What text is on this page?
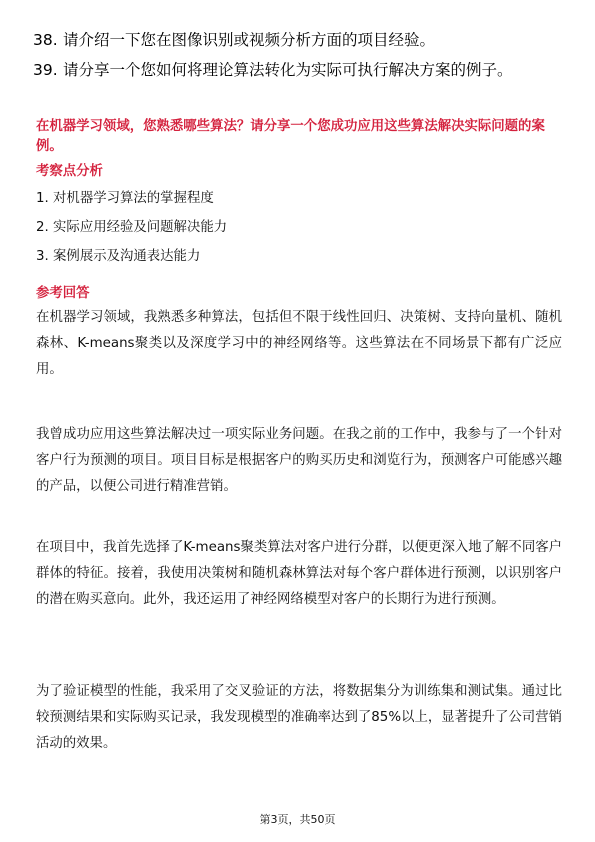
38. 请介绍一下您在图像识别或视频分析方面的项目经验。
39. 请分享一个您如何将理论算法转化为实际可执行解决方案的例子。
在机器学习领域，您熟悉哪些算法？请分享一个您成功应用这些算法解决实际问题的案例。
考察点分析
1. 对机器学习算法的掌握程度
2. 实际应用经验及问题解决能力
3. 案例展示及沟通表达能力
参考回答
在机器学习领域，我熟悉多种算法，包括但不限于线性回归、决策树、支持向量机、随机森林、K-means聚类以及深度学习中的神经网络等。这些算法在不同场景下都有广泛应用。
我曾成功应用这些算法解决过一项实际业务问题。在我之前的工作中，我参与了一个针对客户行为预测的项目。项目目标是根据客户的购买历史和浏览行为，预测客户可能感兴趣的产品，以便公司进行精准营销。
在项目中，我首先选择了K-means聚类算法对客户进行分群，以便更深入地了解不同客户群体的特征。接着，我使用决策树和随机森林算法对每个客户群体进行预测，以识别客户的潜在购买意向。此外，我还运用了神经网络模型对客户的长期行为进行预测。
为了验证模型的性能，我采用了交叉验证的方法，将数据集分为训练集和测试集。通过比较预测结果和实际购买记录，我发现模型的准确率达到了85%以上，显著提升了公司营销活动的效果。
第3页，共50页
